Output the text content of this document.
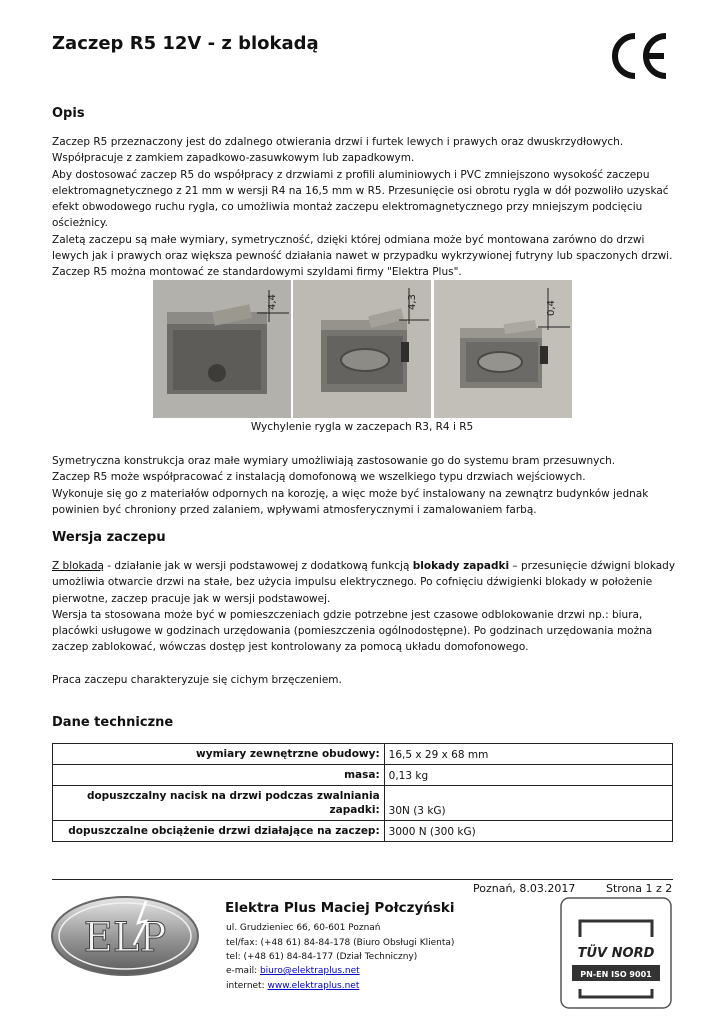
Zaczep R5 12V - z blokadą
Opis

Zaczep R5 przeznaczony jest do zdalnego otwierania drzwi i furtek lewych i prawych oraz dwuskrzydłowych. Współpracuje z zamkiem zapadkowo-zasuwkowym lub zapadkowym.

Aby dostosować zaczep R5 do współpracy z drzwiami z profili aluminiowych i PVC zmniejszono wysokość zaczepu elektromagnetycznego z 21 mm w wersji R4 na 16,5 mm w R5. Przesunięcie osi obrotu rygla w dół pozwoliło uzyskać efekt obwodowego ruchu rygla, co umożliwia montaż zaczepu elektromagnetycznego przy mniejszym podcięciu ościeżnicy.

Zaletą zaczepu są małe wymiary, symetryczność, dzięki której odmiana może być montowana zarówno do drzwi lewych jak i prawych oraz większa pewność działania nawet w przypadku wykrzywionej futryny lub spaczonych drzwi. Zaczep R5 można montować ze standardowymi szyldami firmy "Elektra Plus".

4,4	4,3	0,4
Wychylenie rygla w zaczepach R3, R4 i R5

Symetryczna konstrukcja oraz małe wymiary umożliwiają zastosowanie go do systemu bram przesuwnych.

Zaczep R5 może współpracować z instalacją domofonową we wszelkiego typu drzwiach wejściowych.

Wykonuje się go z materiałów odpornych na korozję, a więc może być instalowany na zewnątrz budynków jednak powinien być chroniony przed zalaniem, wpływami atmosferycznymi i zamalowaniem farbą.

Wersja zaczepu

Z blokadą - działanie jak w wersji podstawowej z dodatkową funkcją blokady zapadki – przesunięcie dźwigni blokady umożliwia otwarcie drzwi na stałe, bez użycia impulsu elektrycznego. Po cofnięciu dźwigienki blokady w położenie pierwotne, zaczep pracuje jak w wersji podstawowej.

Wersja ta stosowana może być w pomieszczeniach gdzie potrzebne jest czasowe odblokowanie drzwi np.: biura, placówki usługowe w godzinach urzędowania (pomieszczenia ogólnodostępne). Po godzinach urzędowania można zaczep zablokować, wówczas dostęp jest kontrolowany za pomocą układu domofonowego.

Praca zaczepu charakteryzuje się cichym brzęczeniem.

Dane techniczne
wymiary zewnętrzne obudowy:	16,5 x 29 x 68 mm
masa:	0,13 kg
dopuszczalny nacisk na drzwi podczas zwalniania zapadki:	30N (3 kG)
dopuszczalne obciążenie drzwi działające na zaczep:	3000 N (300 kG)
Poznań, 8.03.2017	Strona 1 z 2
ELP
Elektra Plus Maciej Połczyński
ul. Grudzieniec 66, 60-601 Poznań
tel/fax: (+48 61) 84-84-178 (Biuro Obsługi Klienta)
tel: (+48 61) 84-84-177 (Dział Techniczny)
e-mail: biuro@elektraplus.net
internet: www.elektraplus.net
TÜV NORD
PN-EN ISO 9001
